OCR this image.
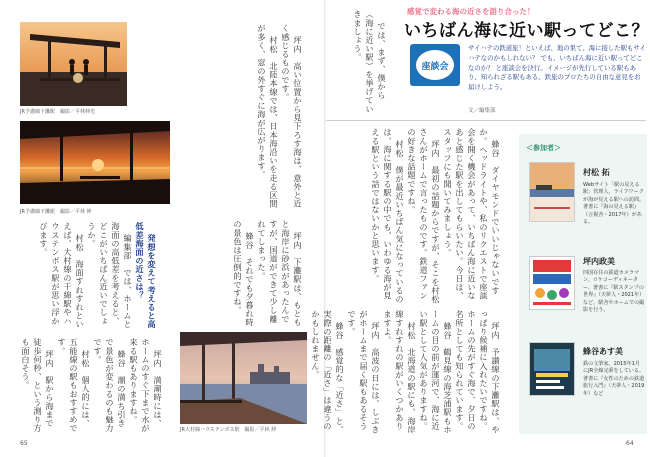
JR予讃線下灘駅　撮影／平林伸光
JR予讃線下灘駅　撮影／平林 伸
JR大村線ハウステンボス駅　撮影／平林 伸

坪内　高い位置から見下ろす海は、意外と近く感じるものです。
村松　北陸本線では、日本海沿いを走る区間が多く、窓の外すぐに海が広がります。

坪内　下灘駅は、もともと海岸に砂浜があったんですが、国道ができて少し離れてしまった。
蜂谷　それでも夕暮れ時の景色は圧倒的ですね。

発想を変えて考えると高低差海面の近さは？
編集部　では、ホームと海面の高低差を考えると、どこがいちばん近いでしょうか。
村松　海面すれすれといえば、大村線の千綿駅やハウステンボス駅が思い浮かびます。

坪内　満潮時には、ホームのすぐ下まで水が来る駅もありますね。
蜂谷　潮の満ち引きで景色が変わるのも魅力です。
村松　個人的には、五能線の駅もおすすめです。
坪内　駅から海まで徒歩何秒、という測り方も面白そう。

65
感覚で変わる海の近さを語り合った！
いちばん海に近い駅ってどこ？
座談会
サイハテの鉄道旅！といえば、地の果て、海に接した駅もサイハテなのかもしれない？ でも、いちばん海に近い駅ってどこなのか？ と座談会を決行。イメージが先行している駅もあり、知られざる駅もある。鉄旅のプロたちの自由な意見をお届けしよう。
文／編集部

では、まず、僕から（海に近い駅）を挙げていきましょう。

蜂谷　ダイヤモンドでいいじゃないですか。ヘッドライトや、私のリクエストで座談会を開く機会があって、いちばん海に近いなあと感じた駅を出してもらいたい。今日は、スタッフにも聞いてみましょう。
坪内　最初の話題からですが、そこを村松さんがホームで言ったものです。鉄道ファンの好きな話題ですね。
村松　僕が最近いちばん気になっているのは、海に関する駅の中でも、いわゆる海が見える駅という話ではないかと思います。

坪内　予讃線の下灘駅は、やっぱり候補に入れたいですね。ホームの先がすぐ海で、夕日の名所としても知られています。
蜂谷　鶴見線の海芝浦駅もホームの目の前が運河で、海に近い駅として人気がありますね。
村松　北海道の駅にも、海岸線すれすれの駅がいくつかありますよ。
坪内　高波の日には、しぶきがホームまで届く駅もあるそうです。
蜂谷　感覚的な「近さ」と、実際の距離の「近さ」は違うのかもしれません。

＜参加者＞
村松 拓
Webサイト「駅の見える駅」管理人。ライフワークが海が見える駅への訪問。著書に『海の見える駅』（言視舎・2017年）がある。
坪内政美
四国在住の鉄道カメラマン。ロケコーディネーター。著書に『駅スタンプの世界』（天夢人・2021年）など。駅舎やホームでの撮影を行う。
蜂谷あす美
鉄の文筆家。2015年1月にJR全線完乗をしている。著書に『女性のための鉄道旅行入門』（天夢人・2019年）など
64
